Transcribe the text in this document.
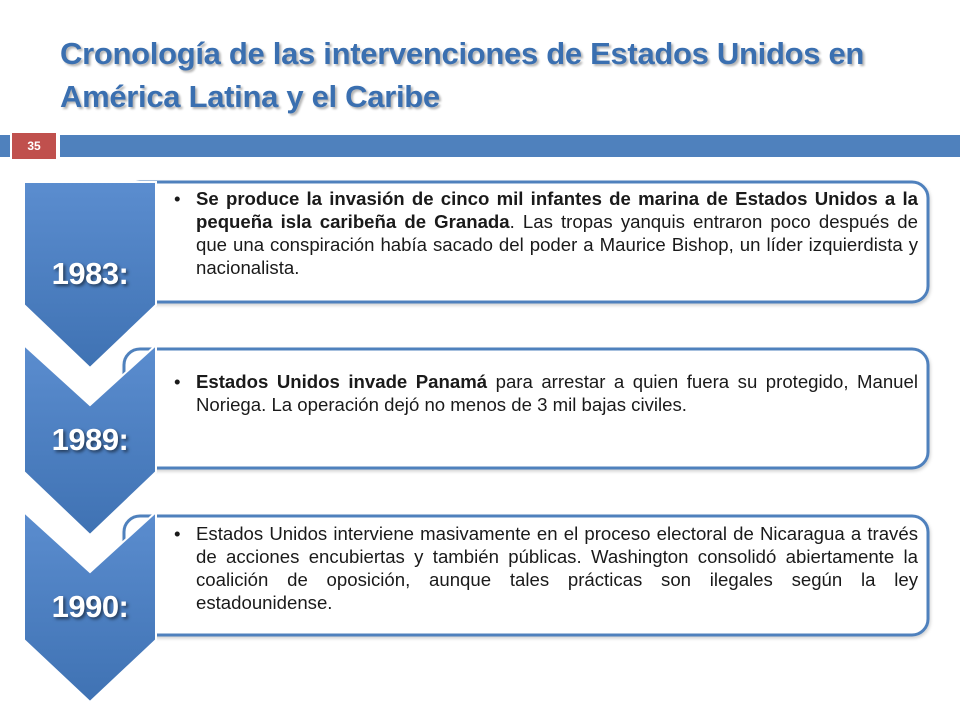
Cronología de las intervenciones de Estados Unidos en América Latina y el Caribe
35
1983:
1989:
1990:
• Se produce la invasión de cinco mil infantes de marina de Estados Unidos a la pequeña isla caribeña de Granada. Las tropas yanquis entraron poco después de que una conspiración había sacado del poder a Maurice Bishop, un líder izquierdista y nacionalista.
• Estados Unidos invade Panamá para arrestar a quien fuera su protegido, Manuel Noriega. La operación dejó no menos de 3 mil bajas civiles.
• Estados Unidos interviene masivamente en el proceso electoral de Nicaragua a través de acciones encubiertas y también públicas. Washington consolidó abiertamente la coalición de oposición, aunque tales prácticas son ilegales según la ley estadounidense.
